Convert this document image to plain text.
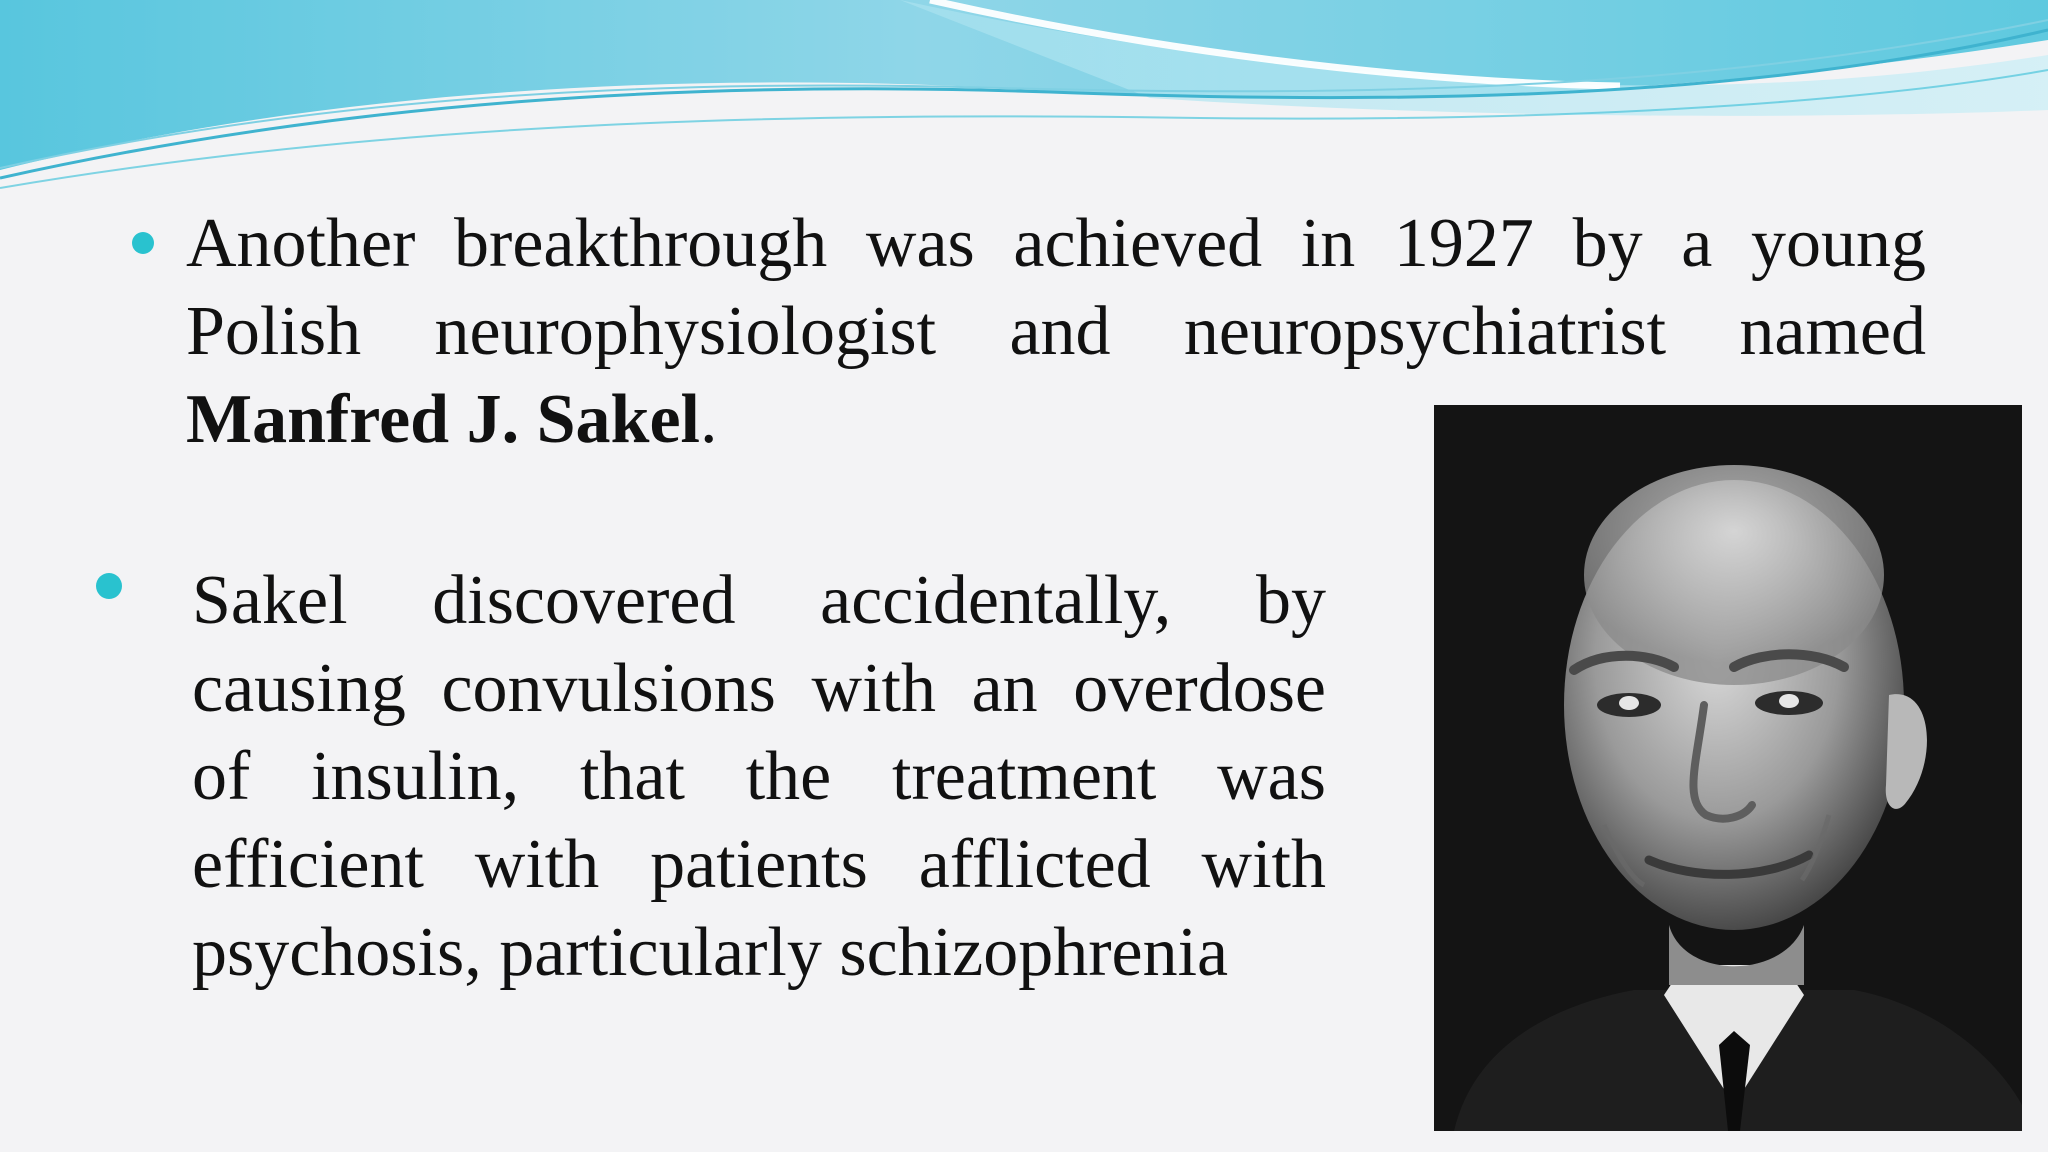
Another breakthrough was achieved in 1927 by a young Polish neurophysiologist and neuropsychiatrist named Manfred J. Sakel.
Sakel discovered accidentally, by causing convulsions with an overdose of insulin, that the treatment was efficient with patients afflicted with psychosis, particularly schizophrenia
